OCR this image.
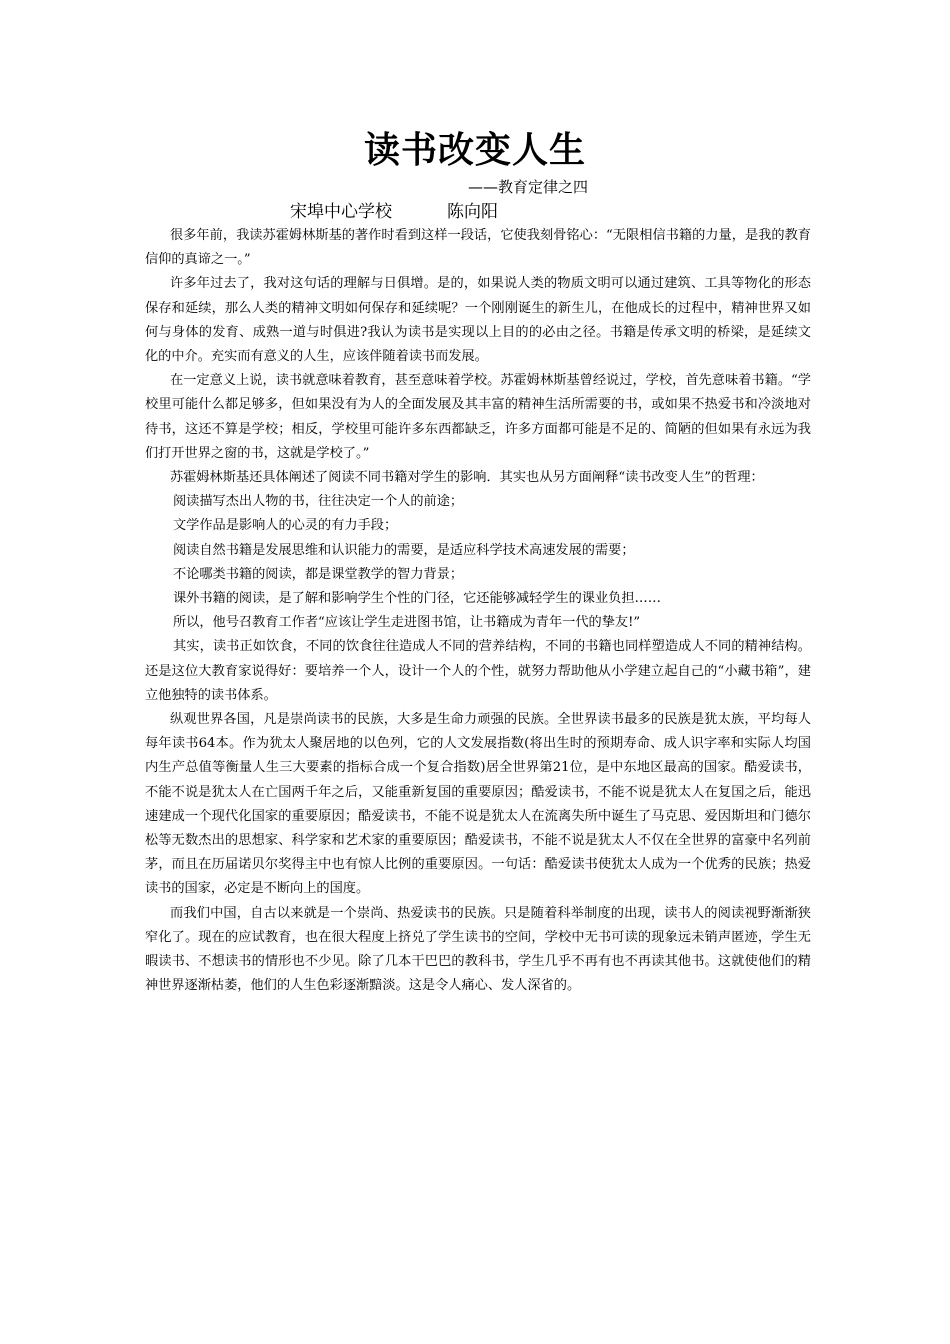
读书改变人生
——教育定律之四
宋埠中心学校	陈向阳

很多年前，我读苏霍姆林斯基的著作时看到这样一段话，它使我刻骨铭心：“无限相信书籍的力量，是我的教育信仰的真谛之一。”

许多年过去了，我对这句话的理解与日俱增。是的，如果说人类的物质文明可以通过建筑、工具等物化的形态保存和延续，那么人类的精神文明如何保存和延续呢？一个刚刚诞生的新生儿，在他成长的过程中，精神世界又如何与身体的发育、成熟一道与时俱进?我认为读书是实现以上目的的必由之径。书籍是传承文明的桥梁，是延续文化的中介。充实而有意义的人生，应该伴随着读书而发展。

在一定意义上说，读书就意味着教育，甚至意味着学校。苏霍姆林斯基曾经说过，学校，首先意味着书籍。“学校里可能什么都足够多，但如果没有为人的全面发展及其丰富的精神生活所需要的书，或如果不热爱书和冷淡地对待书，这还不算是学校；相反，学校里可能许多东西都缺乏，许多方面都可能是不足的、简陋的但如果有永远为我们打开世界之窗的书，这就是学校了。”

苏霍姆林斯基还具体阐述了阅读不同书籍对学生的影响．其实也从另方面阐释“读书改变人生”的哲理：

阅读描写杰出人物的书，往往决定一个人的前途；

文学作品是影响人的心灵的有力手段；

阅读自然书籍是发展思维和认识能力的需要，是适应科学技术高速发展的需要；

不论哪类书籍的阅读，都是课堂教学的智力背景；

课外书籍的阅读，是了解和影响学生个性的门径，它还能够减轻学生的课业负担……

所以，他号召教育工作者“应该让学生走进图书馆，让书籍成为青年一代的挚友!”

其实，读书正如饮食，不同的饮食往往造成人不同的营养结构，不同的书籍也同样塑造成人不同的精神结构。还是这位大教育家说得好：要培养一个人，设计一个人的个性，就努力帮助他从小学建立起自己的“小藏书箱”，建立他独特的读书体系。

纵观世界各国，凡是崇尚读书的民族，大多是生命力顽强的民族。全世界读书最多的民族是犹太族，平均每人每年读书64本。作为犹太人聚居地的以色列，它的人文发展指数(将出生时的预期寿命、成人识字率和实际人均国内生产总值等衡量人生三大要素的指标合成一个复合指数)居全世界第21位，是中东地区最高的国家。酷爱读书，不能不说是犹太人在亡国两千年之后，又能重新复国的重要原因；酷爱读书，不能不说是犹太人在复国之后，能迅速建成一个现代化国家的重要原因；酷爱读书，不能不说是犹太人在流离失所中诞生了马克思、爱因斯坦和门德尔松等无数杰出的思想家、科学家和艺术家的重要原因；酷爱读书，不能不说是犹太人不仅在全世界的富豪中名列前茅，而且在历届诺贝尔奖得主中也有惊人比例的重要原因。一句话：酷爱读书使犹太人成为一个优秀的民族；热爱读书的国家，必定是不断向上的国度。

而我们中国，自古以来就是一个崇尚、热爱读书的民族。只是随着科举制度的出现，读书人的阅读视野渐渐狭窄化了。现在的应试教育，也在很大程度上挤兑了学生读书的空间，学校中无书可读的现象远未销声匿迹，学生无暇读书、不想读书的情形也不少见。除了几本干巴巴的教科书，学生几乎不再有也不再读其他书。这就使他们的精神世界逐渐枯萎，他们的人生色彩逐渐黯淡。这是令人痛心、发人深省的。
